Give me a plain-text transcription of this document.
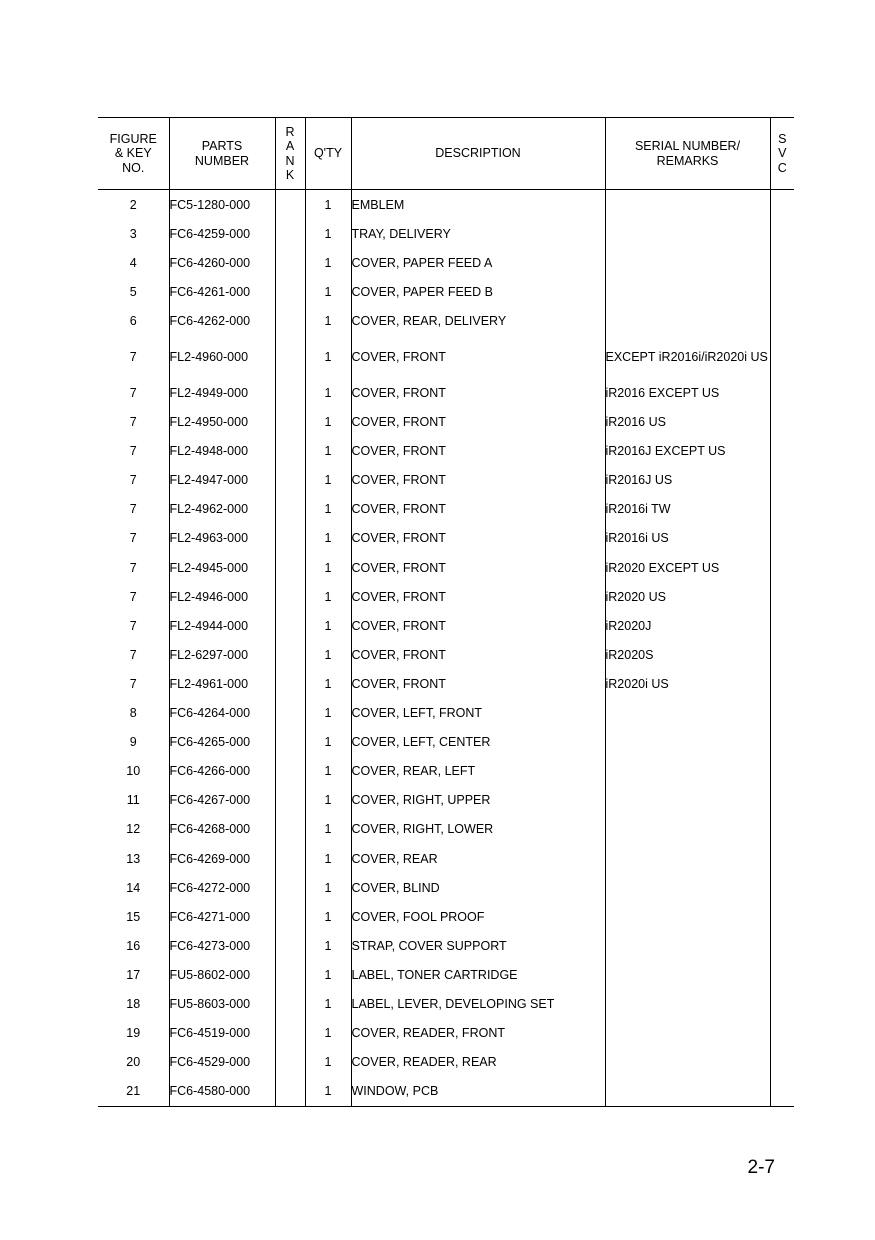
FIGURE
& KEY
NO.	PARTS
NUMBER	R
A
N
K	Q'TY	DESCRIPTION	SERIAL NUMBER/
REMARKS	S
V
C

2	FC5-1280-000		1	EMBLEM		
3	FC6-4259-000		1	TRAY, DELIVERY		
4	FC6-4260-000		1	COVER, PAPER FEED A		
5	FC6-4261-000		1	COVER, PAPER FEED B		
6	FC6-4262-000		1	COVER, REAR, DELIVERY		
7	FL2-4960-000		1	COVER, FRONT	EXCEPT iR2016i/iR2020i US	
7	FL2-4949-000		1	COVER, FRONT	iR2016 EXCEPT US	
7	FL2-4950-000		1	COVER, FRONT	iR2016 US	
7	FL2-4948-000		1	COVER, FRONT	iR2016J EXCEPT US	
7	FL2-4947-000		1	COVER, FRONT	iR2016J US	
7	FL2-4962-000		1	COVER, FRONT	iR2016i TW	
7	FL2-4963-000		1	COVER, FRONT	iR2016i US	
7	FL2-4945-000		1	COVER, FRONT	iR2020 EXCEPT US	
7	FL2-4946-000		1	COVER, FRONT	iR2020 US	
7	FL2-4944-000		1	COVER, FRONT	iR2020J	
7	FL2-6297-000		1	COVER, FRONT	iR2020S	
7	FL2-4961-000		1	COVER, FRONT	iR2020i US	
8	FC6-4264-000		1	COVER, LEFT, FRONT		
9	FC6-4265-000		1	COVER, LEFT, CENTER		
10	FC6-4266-000		1	COVER, REAR, LEFT		
11	FC6-4267-000		1	COVER, RIGHT, UPPER		
12	FC6-4268-000		1	COVER, RIGHT, LOWER		
13	FC6-4269-000		1	COVER, REAR		
14	FC6-4272-000		1	COVER, BLIND		
15	FC6-4271-000		1	COVER, FOOL PROOF		
16	FC6-4273-000		1	STRAP, COVER SUPPORT		
17	FU5-8602-000		1	LABEL, TONER CARTRIDGE		
18	FU5-8603-000		1	LABEL, LEVER, DEVELOPING SET		
19	FC6-4519-000		1	COVER, READER, FRONT		
20	FC6-4529-000		1	COVER, READER, REAR		
21	FC6-4580-000		1	WINDOW, PCB		
2-7
